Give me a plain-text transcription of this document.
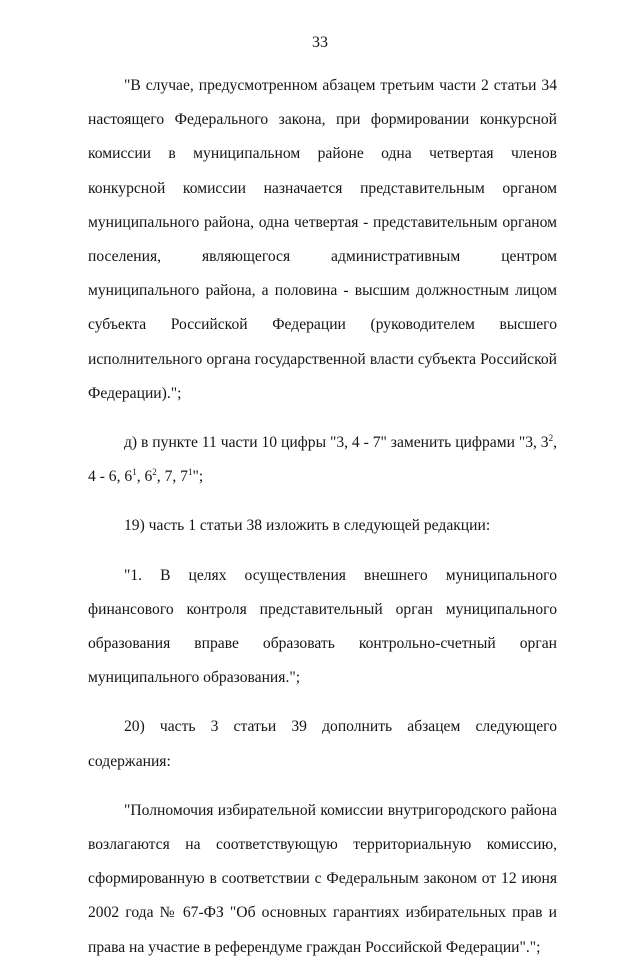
33

"В случае, предусмотренном абзацем третьим части 2 статьи 34 настоящего Федерального закона, при формировании конкурсной комиссии в муниципальном районе одна четвертая членов конкурсной комиссии назначается представительным органом муниципального района, одна четвертая - представительным органом поселения, являющегося административным центром муниципального района, а половина - высшим должностным лицом субъекта Российской Федерации (руководителем высшего исполнительного органа государственной власти субъекта Российской Федерации).";

д) в пункте 11 части 10 цифры "3, 4 - 7" заменить цифрами "3, $3^2$, 4 - 6, $6^1$, $6^2$, 7, $7^1$";

19) часть 1 статьи 38 изложить в следующей редакции:

"1. В целях осуществления внешнего муниципального финансового контроля представительный орган муниципального образования вправе образовать контрольно-счетный орган муниципального образования.";

20) часть 3 статьи 39 дополнить абзацем следующего содержания:

"Полномочия избирательной комиссии внутригородского района возлагаются на соответствующую территориальную комиссию, сформированную в соответствии с Федеральным законом от 12 июня 2002 года № 67-ФЗ "Об основных гарантиях избирательных прав и права на участие в референдуме граждан Российской Федерации".";
